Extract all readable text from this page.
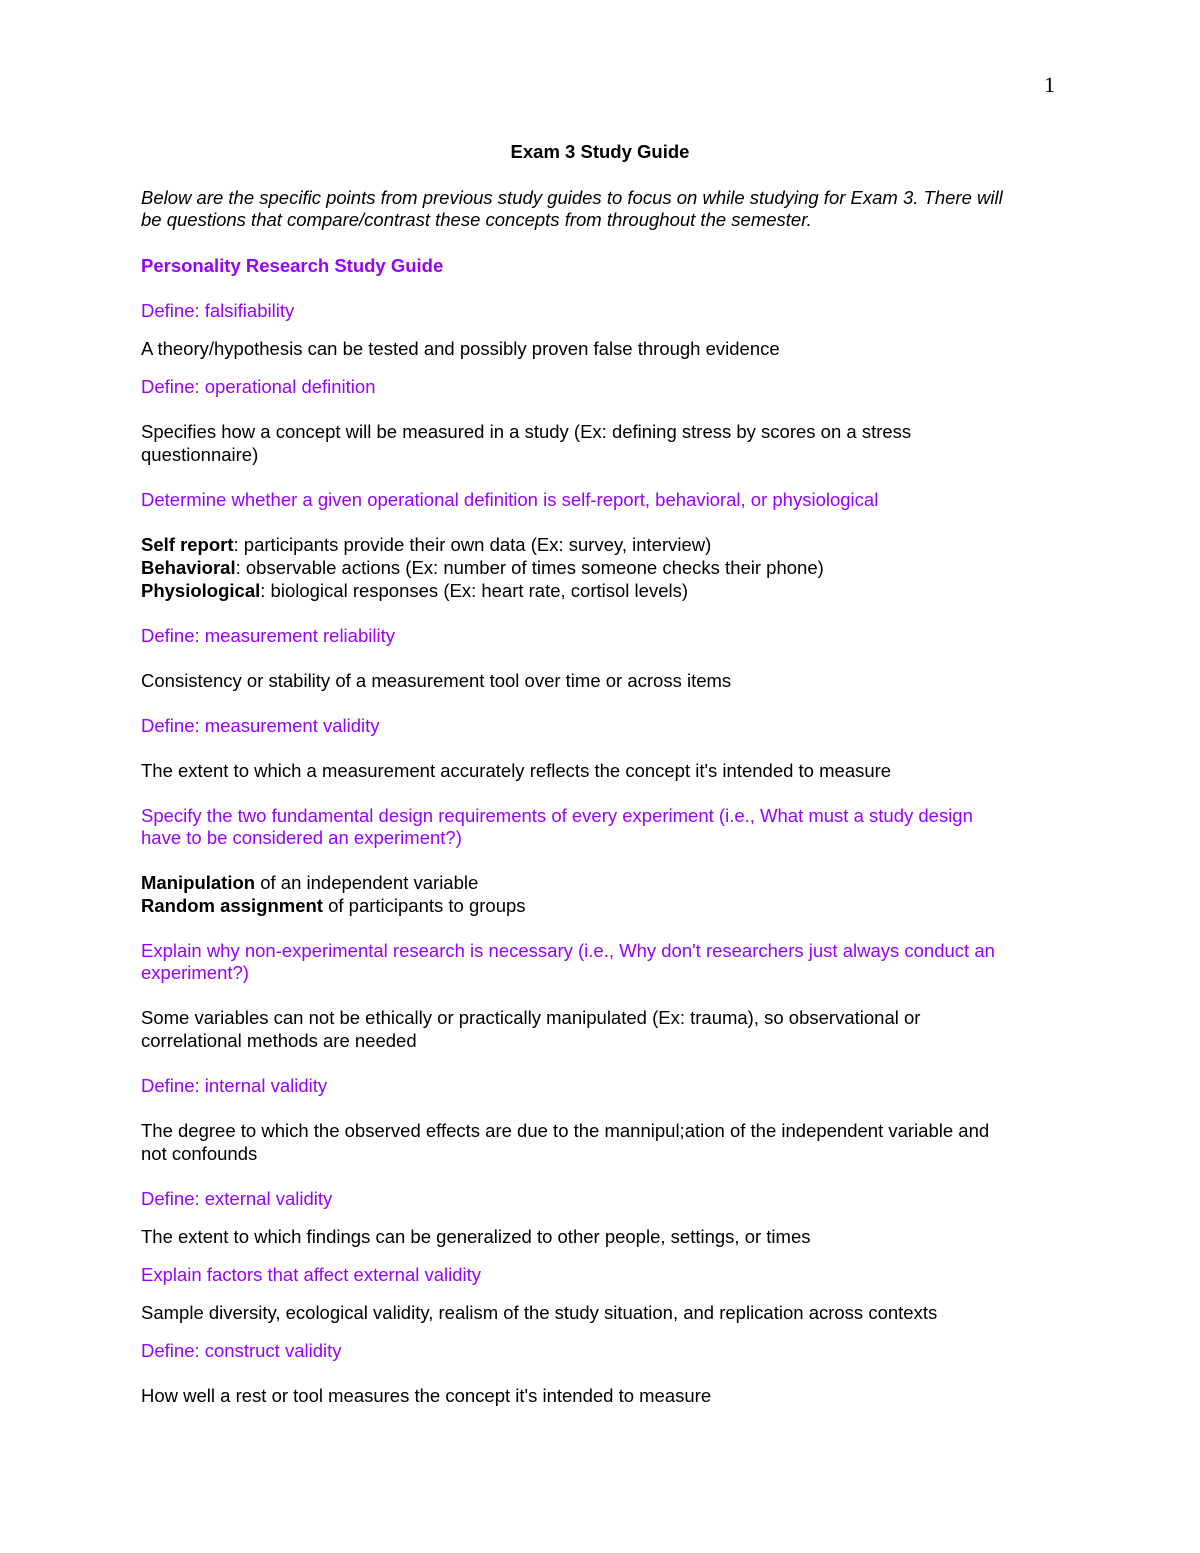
1
Exam 3 Study Guide
Below are the specific points from previous study guides to focus on while studying for Exam 3. There will
be questions that compare/contrast these concepts from throughout the semester.
Personality Research Study Guide
Define: falsifiability
A theory/hypothesis can be tested and possibly proven false through evidence
Define: operational definition
Specifies how a concept will be measured in a study (Ex: defining stress by scores on a stress
questionnaire)
Determine whether a given operational definition is self-report, behavioral, or physiological
Self report: participants provide their own data (Ex: survey, interview)
Behavioral: observable actions (Ex: number of times someone checks their phone)
Physiological: biological responses (Ex: heart rate, cortisol levels)
Define: measurement reliability
Consistency or stability of a measurement tool over time or across items
Define: measurement validity
The extent to which a measurement accurately reflects the concept it's intended to measure
Specify the two fundamental design requirements of every experiment (i.e., What must a study design
have to be considered an experiment?)
Manipulation of an independent variable
Random assignment of participants to groups
Explain why non-experimental research is necessary (i.e., Why don't researchers just always conduct an
experiment?)
Some variables can not be ethically or practically manipulated (Ex: trauma), so observational or
correlational methods are needed
Define: internal validity
The degree to which the observed effects are due to the mannipul;ation of the independent variable and
not confounds
Define: external validity
The extent to which findings can be generalized to other people, settings, or times
Explain factors that affect external validity
Sample diversity, ecological validity, realism of the study situation, and replication across contexts
Define: construct validity
How well a rest or tool measures the concept it's intended to measure
